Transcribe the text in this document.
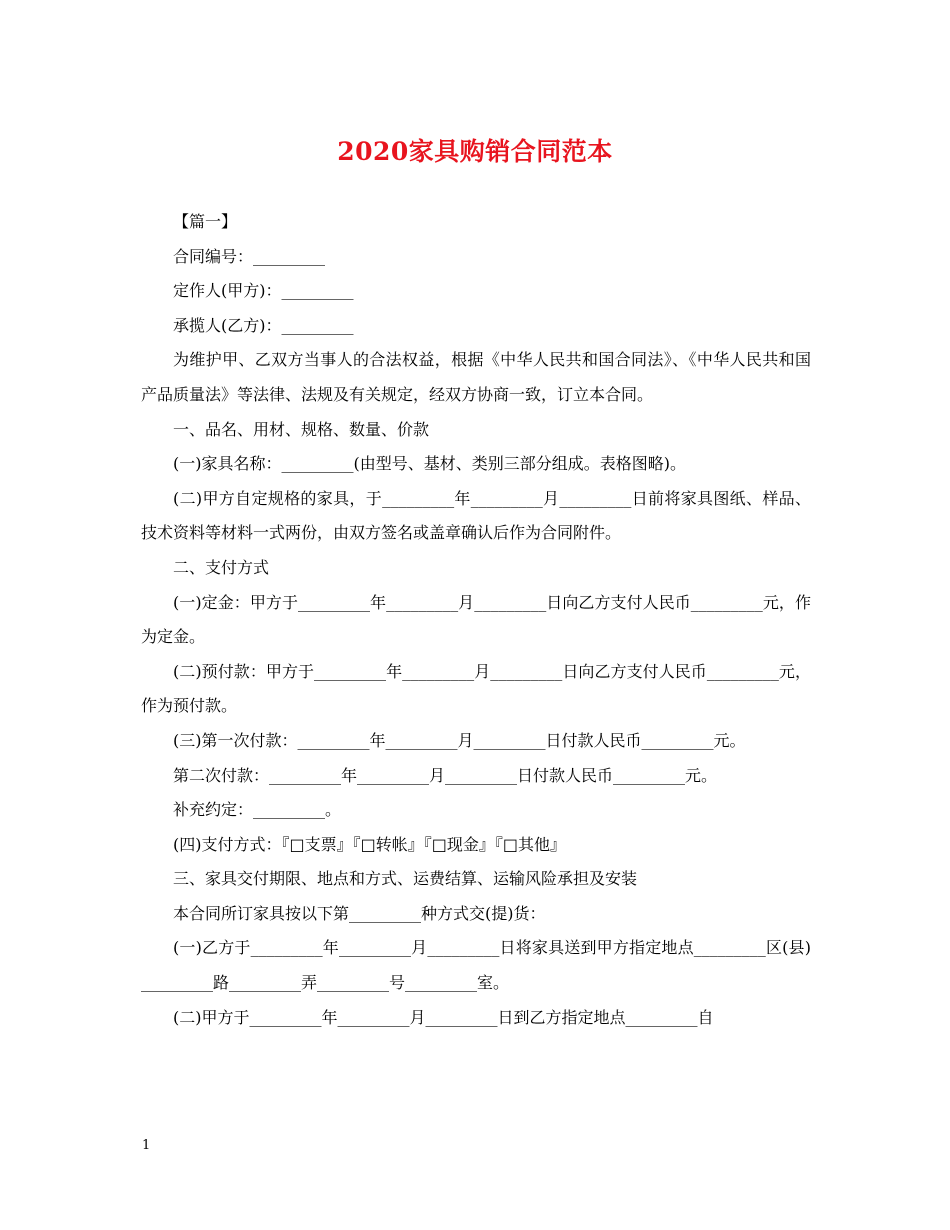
2020家具购销合同范本

【篇一】

合同编号：_________

定作人(甲方)：_________

承揽人(乙方)：_________

为维护甲、乙双方当事人的合法权益，根据《中华人民共和国合同法》、《中华人民共和国产品质量法》等法律、法规及有关规定，经双方协商一致，订立本合同。

一、品名、用材、规格、数量、价款

(一)家具名称：_________(由型号、基材、类别三部分组成。表格图略)。

(二)甲方自定规格的家具，于_________年_________月_________日前将家具图纸、样品、技术资料等材料一式两份，由双方签名或盖章确认后作为合同附件。

二、支付方式

(一)定金：甲方于_________年_________月_________日向乙方支付人民币_________元，作为定金。

(二)预付款：甲方于_________年_________月_________日向乙方支付人民币_________元，作为预付款。

(三)第一次付款：_________年_________月_________日付款人民币_________元。

第二次付款：_________年_________月_________日付款人民币_________元。

补充约定：_________。

(四)支付方式：『□支票』『□转帐』『□现金』『□其他』

三、家具交付期限、地点和方式、运费结算、运输风险承担及安装

本合同所订家具按以下第_________种方式交(提)货：

(一)乙方于_________年_________月_________日将家具送到甲方指定地点_________区(县)_________路_________弄_________号_________室。

(二)甲方于_________年_________月_________日到乙方指定地点_________自

1
